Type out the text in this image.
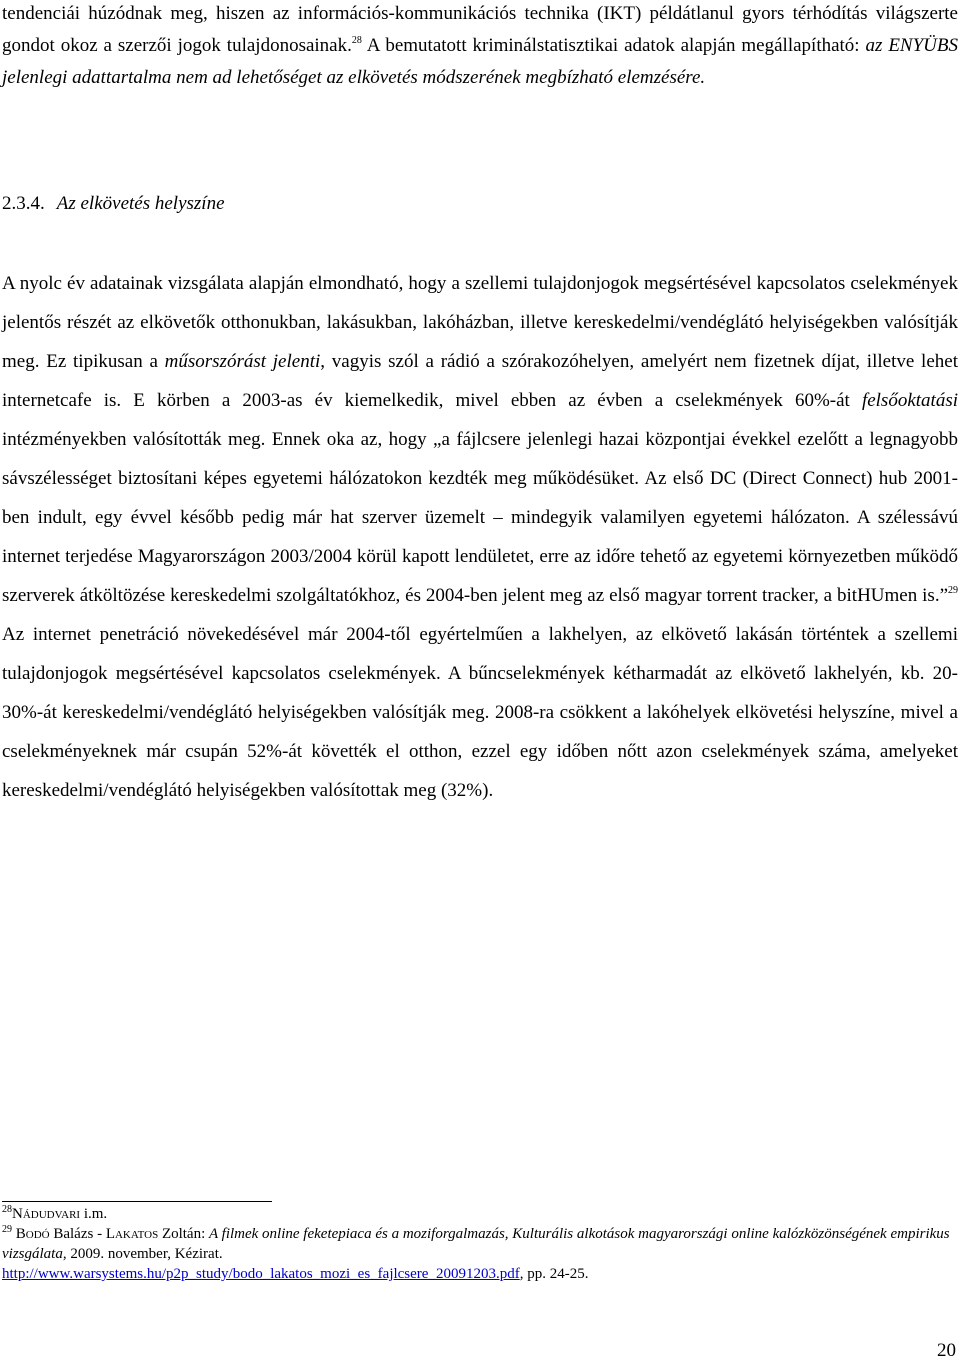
tendenciái húzódnak meg, hiszen az információs-kommunikációs technika (IKT) példátlanul gyors térhódítás világszerte gondot okoz a szerzői jogok tulajdonosainak.$^{28}$ A bemutatott kriminálstatisztikai adatok alapján megállapítható: az ENYÜBS jelenlegi adattartalma nem ad lehetőséget az elkövetés módszerének megbízható elemzésére.

2.3.4. Az elkövetés helyszíne

A nyolc év adatainak vizsgálata alapján elmondható, hogy a szellemi tulajdonjogok megsértésével kapcsolatos cselekmények jelentős részét az elkövetők otthonukban, lakásukban, lakóházban, illetve kereskedelmi/vendéglátó helyiségekben valósítják meg. Ez tipikusan a műsorszórást jelenti, vagyis szól a rádió a szórakozóhelyen, amelyért nem fizetnek díjat, illetve lehet internetcafe is. E körben a 2003-as év kiemelkedik, mivel ebben az évben a cselekmények 60%-át felsőoktatási intézményekben valósították meg. Ennek oka az, hogy „a fájlcsere jelenlegi hazai központjai évekkel ezelőtt a legnagyobb sávszélességet biztosítani képes egyetemi hálózatokon kezdték meg működésüket. Az első DC (Direct Connect) hub 2001-ben indult, egy évvel később pedig már hat szerver üzemelt – mindegyik valamilyen egyetemi hálózaton. A szélessávú internet terjedése Magyarországon 2003/2004 körül kapott lendületet, erre az időre tehető az egyetemi környezetben működő szerverek átköltözése kereskedelmi szolgáltatókhoz, és 2004-ben jelent meg az első magyar torrent tracker, a bitHUmen is.”$^{29}$ Az internet penetráció növekedésével már 2004-től egyértelműen a lakhelyen, az elkövető lakásán történtek a szellemi tulajdonjogok megsértésével kapcsolatos cselekmények. A bűncselekmények kétharmadát az elkövető lakhelyén, kb. 20-30%-át kereskedelmi/vendéglátó helyiségekben valósítják meg. 2008-ra csökkent a lakóhelyek elkövetési helyszíne, mivel a cselekményeknek már csupán 52%-át követték el otthon, ezzel egy időben nőtt azon cselekmények száma, amelyeket kereskedelmi/vendéglátó helyiségekben valósítottak meg (32%).

$^{28}$Nádudvari i.m.

$^{29}$ Bodó Balázs - Lakatos Zoltán: A filmek online feketepiaca és a moziforgalmazás, Kulturális alkotások magyarországi online kalózközönségének empirikus vizsgálata, 2009. november, Kézirat.
http://www.warsystems.hu/p2p_study/bodo_lakatos_mozi_es_fajlcsere_20091203.pdf, pp. 24-25.

20
